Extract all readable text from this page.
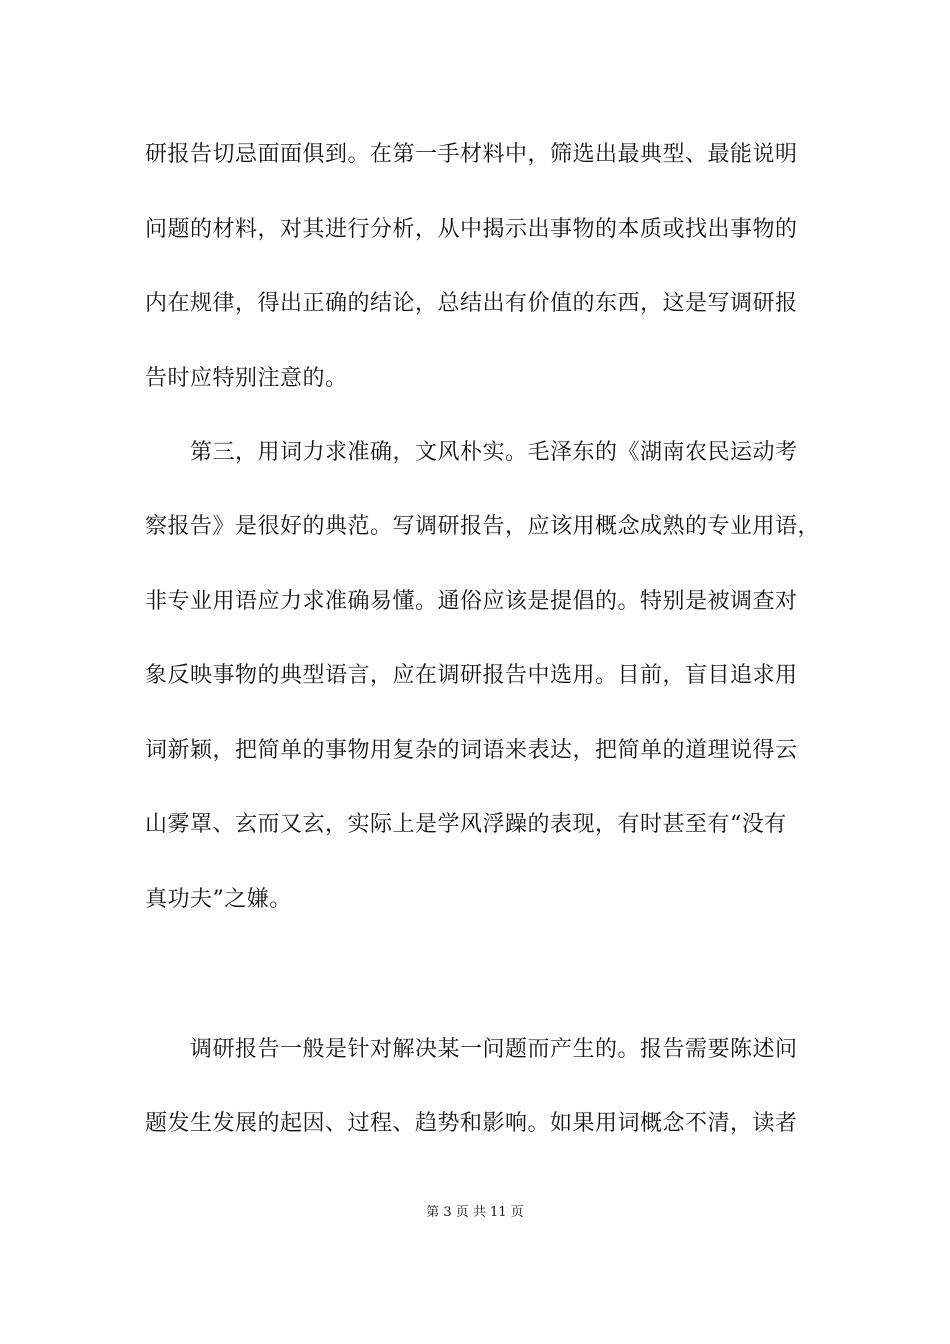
研报告切忌面面俱到。在第一手材料中，筛选出最典型、最能说明
问题的材料，对其进行分析，从中揭示出事物的本质或找出事物的
内在规律，得出正确的结论，总结出有价值的东西，这是写调研报
告时应特别注意的。
　　第三，用词力求准确，文风朴实。毛泽东的《湖南农民运动考
察报告》是很好的典范。写调研报告，应该用概念成熟的专业用语，
非专业用语应力求准确易懂。通俗应该是提倡的。特别是被调查对
象反映事物的典型语言，应在调研报告中选用。目前，盲目追求用
词新颖，把简单的事物用复杂的词语来表达，把简单的道理说得云
山雾罩、玄而又玄，实际上是学风浮躁的表现，有时甚至有“没有
真功夫”之嫌。
　　调研报告一般是针对解决某一问题而产生的。报告需要陈述问
题发生发展的起因、过程、趋势和影响。如果用词概念不清，读者
第 3 页 共 11 页
